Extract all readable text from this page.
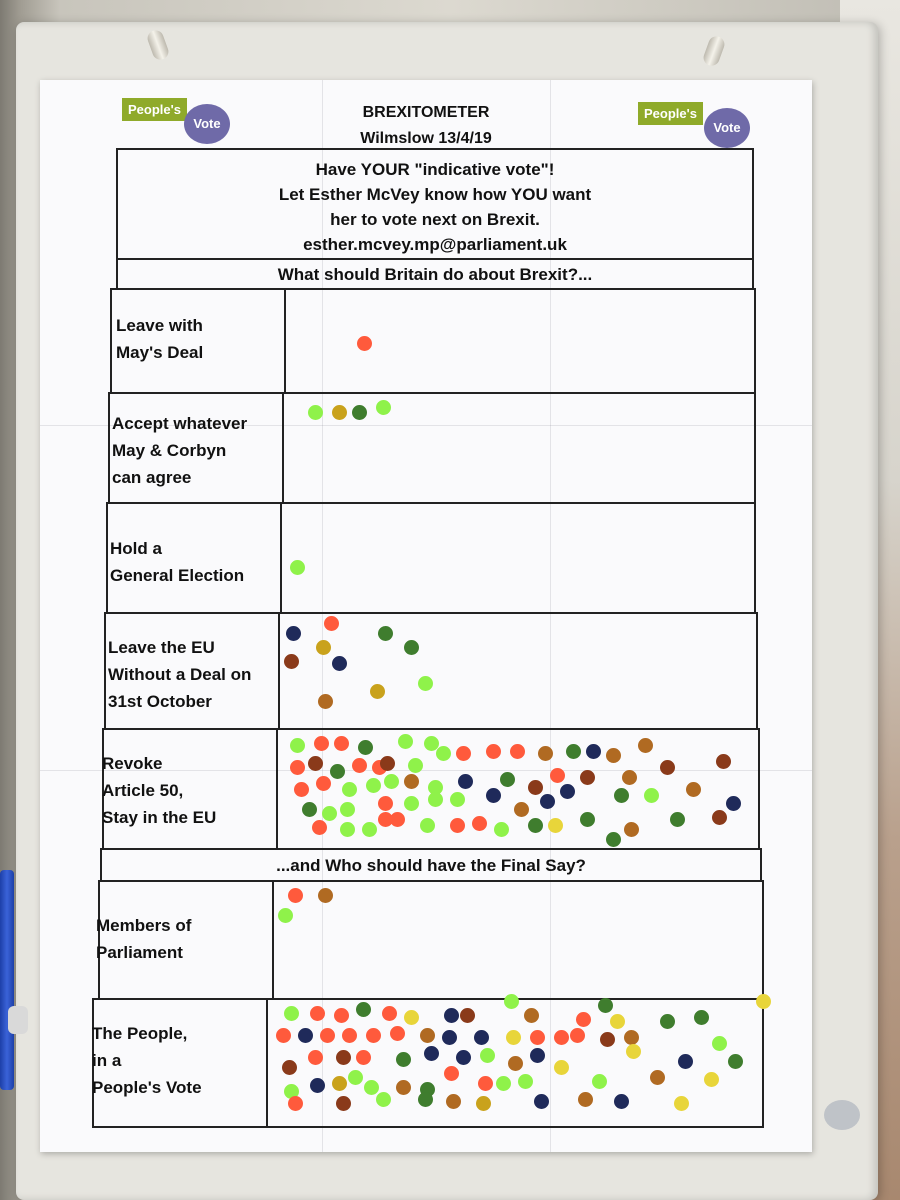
People's
Vote
People's
Vote
BREXITOMETER
Wilmslow 13/4/19
Have YOUR "indicative vote"!
Let Esther McVey know how YOU want
her to vote next on Brexit.
esther.mcvey.mp@parliament.uk
What should Britain do about Brexit?...
Leave with
May's Deal
Accept whatever
May & Corbyn
can agree
Hold a
General Election
Leave the EU
Without a Deal on
31st October
Revoke
Article 50,
Stay in the EU
...and Who should have the Final Say?
Members of
Parliament
The People,
in a
People's Vote
